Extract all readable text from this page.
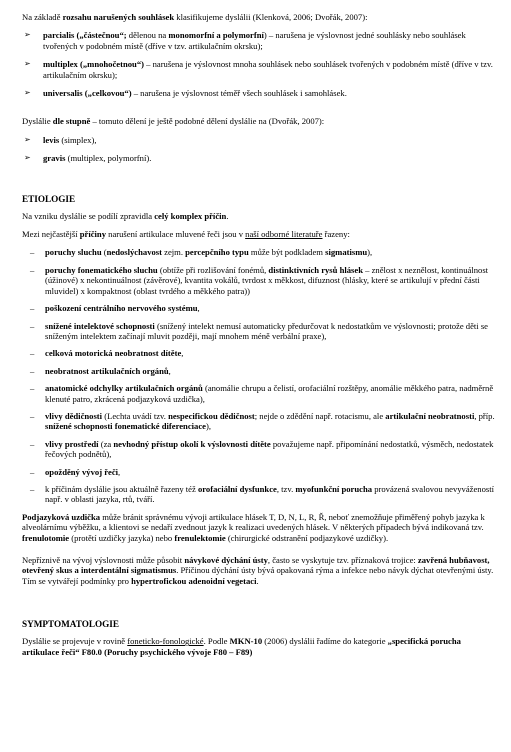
Na základě rozsahu narušených souhlásek klasifikujeme dyslálii (Klenková, 2006; Dvořák, 2007):

➢ parcialis („částečnou“; dělenou na monomorfní a polymorfní) – narušena je výslovnost jedné souhlásky nebo souhlásek tvořených v podobném místě (dříve v tzv. artikulačním okrsku);
➢ multiplex („mnohočetnou“) – narušena je výslovnost mnoha souhlásek nebo souhlásek tvořených v podobném místě (dříve v tzv. artikulačním okrsku);
➢ universalis („celkovou“) – narušena je výslovnost téměř všech souhlásek i samohlásek.

Dyslálie dle stupně – tomuto dělení je ještě podobné dělení dyslálie na (Dvořák, 2007):

➢ levis (simplex),
➢ gravis (multiplex, polymorfní).
ETIOLOGIE

Na vzniku dyslálie se podílí zpravidla celý komplex příčin.

Mezi nejčastější příčiny narušení artikulace mluvené řeči jsou v naší odborné literatuře řazeny:

– poruchy sluchu (nedoslýchavost zejm. percepčního typu může být podkladem sigmatismu),
– poruchy fonematického sluchu (obtíže při rozlišování fonémů, distinktivních rysů hlásek – znělost x neznělost, kontinuálnost (úžinové) x nekontinuálnost (závěrové), kvantita vokálů, tvrdost x měkkost, difuznost (hlásky, které se artikulují v přední části mluvidel) x kompaktnost (oblast tvrdého a měkkého patra))
– poškození centrálního nervového systému,
– snížené intelektové schopnosti (snížený intelekt nemusí automaticky předurčovat k nedostatkům ve výslovnosti; protože děti se sníženým intelektem začínají mluvit později, mají mnohem méně verbální praxe),
– celková motorická neobratnost dítěte,
– neobratnost artikulačních orgánů,
– anatomické odchylky artikulačních orgánů (anomálie chrupu a čelistí, orofaciální rozštěpy, anomálie měkkého patra, nadměrně klenuté patro, zkrácená podjazyková uzdička),
– vlivy dědičnosti (Lechta uvádí tzv. nespecifickou dědičnost; nejde o zdědění např. rotacismu, ale artikulační neobratnosti, příp. snížené schopnosti fonematické diferenciace),
– vlivy prostředí (za nevhodný přístup okolí k výslovnosti dítěte považujeme např. připomínání nedostatků, výsměch, nedostatek řečových podnětů),
– opožděný vývoj řeči,
– k příčinám dyslálie jsou aktuálně řazeny též orofaciální dysfunkce, tzv. myofunkční porucha provázená svalovou nevyvážeností např. v oblasti jazyka, rtů, tváří.

Podjazyková uzdička může bránit správnému vývoji artikulace hlásek T, D, N, L, R, Ř, neboť znemožňuje přiměřený pohyb jazyka k alveolárnímu výběžku, a klientovi se nedaří zvednout jazyk k realizaci uvedených hlásek. V některých případech bývá indikovaná tzv. frenulotomie (protětí uzdičky jazyka) nebo frenulektomie (chirurgické odstranění podjazykové uzdičky).

Nepříznivě na vývoj výslovnosti může působit návykové dýchání ústy, často se vyskytuje tzv. příznaková trojice: zavřená hubňavost, otevřený skus a interdentální sigmatismus. Příčinou dýchání ústy bývá opakovaná rýma a infekce nebo návyk dýchat otevřenými ústy. Tím se vytvářejí podmínky pro hypertrofickou adenoidní vegetaci.

SYMPTOMATOLOGIE

Dyslálie se projevuje v rovině foneticko-fonologické. Podle MKN-10 (2006) dyslálii řadíme do kategorie „specifická porucha artikulace řeči“ F80.0 (Poruchy psychického vývoje F80 – F89)
